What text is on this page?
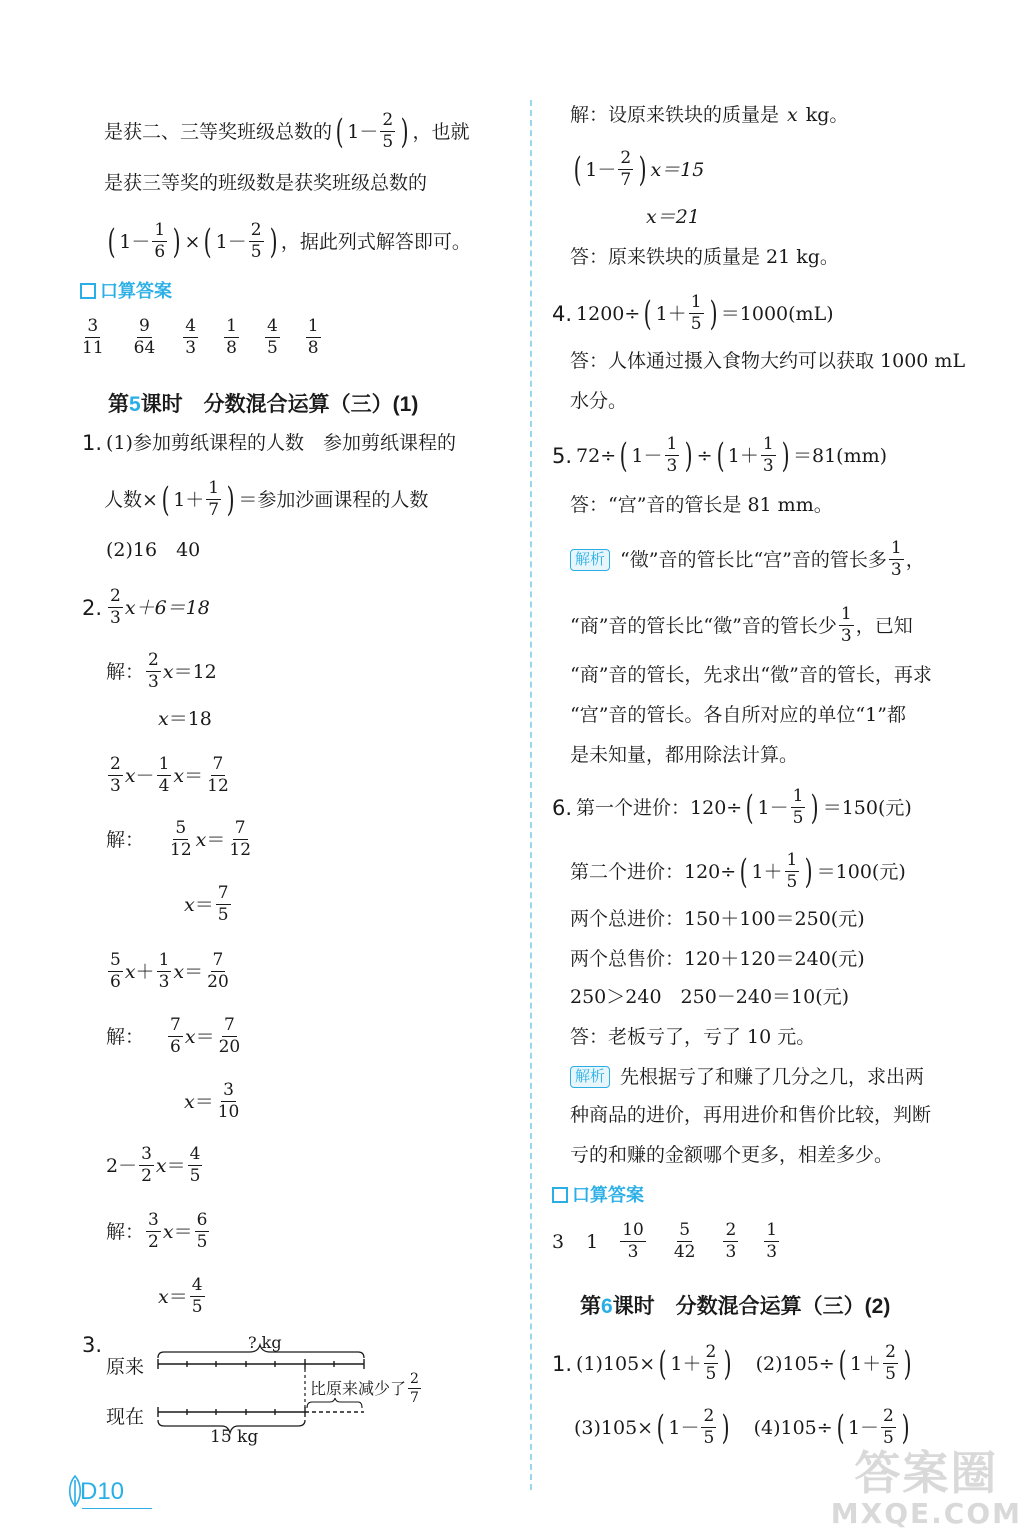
是获二、三等奖班级总数的 ( 1－
2
5 ) ，也就
是获三等奖的班级数是获奖班级总数的
( 1－
1
6 ) × ( 1－
2
5 ) ，据此列式解答即可。
口算答案
3
11
9
64
4
3
1
8
4
5
1
8
第 5 课时　分数混合运算（三）(1)
1. (1)参加剪纸课程的人数　参加剪纸课程的
人数× ( 1＋
1
7 ) ＝参加沙画课程的人数
(2)16　40
2. 2
3 x＋6＝18
解：
2
3 x ＝12
x ＝18
2
3 x －
1
4 x ＝
7
12
解：
5
12 x ＝
7
12
x ＝
7
5
5
6 x ＋
1
3 x ＝
7
20
解：
7
6 x ＝
7
20
x ＝
3
10
2－
3
2 x ＝
4
5
解：
3
2 x ＝
6
5
x ＝
4
5
3.
原来
现在
? kg
15 kg
比原来减少了 2
7
D10
解：设原来铁块的质量是 x kg。
( 1－
2
7 ) x＝15
x＝21
答：原来铁块的质量是 21 kg。
4. 1200÷ ( 1＋
1
5 ) ＝1000(mL)
答：人体通过摄入食物大约可以获取 1000 mL
水分。
5. 72÷ ( 1－
1
3 ) ÷ ( 1＋
1
3 ) ＝81(mm)
答：“宫”音的管长是 81 mm。
解析 “徵”音的管长比“宫”音的管长多
1
3 ，
“商”音的管长比“徵”音的管长少
1
3 ，已知
“商”音的管长，先求出“徵”音的管长，再求
“宫”音的管长。各自所对应的单位“1”都
是未知量，都用除法计算。
6. 第一个进价：120÷ ( 1－
1
5 ) ＝150(元)
第二个进价：120÷ ( 1＋
1
5 ) ＝100(元)
两个总进价：150＋100＝250(元)
两个总售价：120＋120＝240(元)
250＞240　250－240＝10(元)
答：老板亏了，亏了 10 元。
解析 先根据亏了和赚了几分之几，求出两
种商品的进价，再用进价和售价比较，判断
亏的和赚的金额哪个更多，相差多少。
口算答案
3 1
10
3
5
42
2
3
1
3
第 6 课时　分数混合运算（三）(2)
1. (1)105× ( 1＋
2
5 ) (2)105÷ ( 1＋
2
5 )
(3)105× ( 1－
2
5 ) (4)105÷ ( 1－
2
5 )
答案圈
MXQE.COM
